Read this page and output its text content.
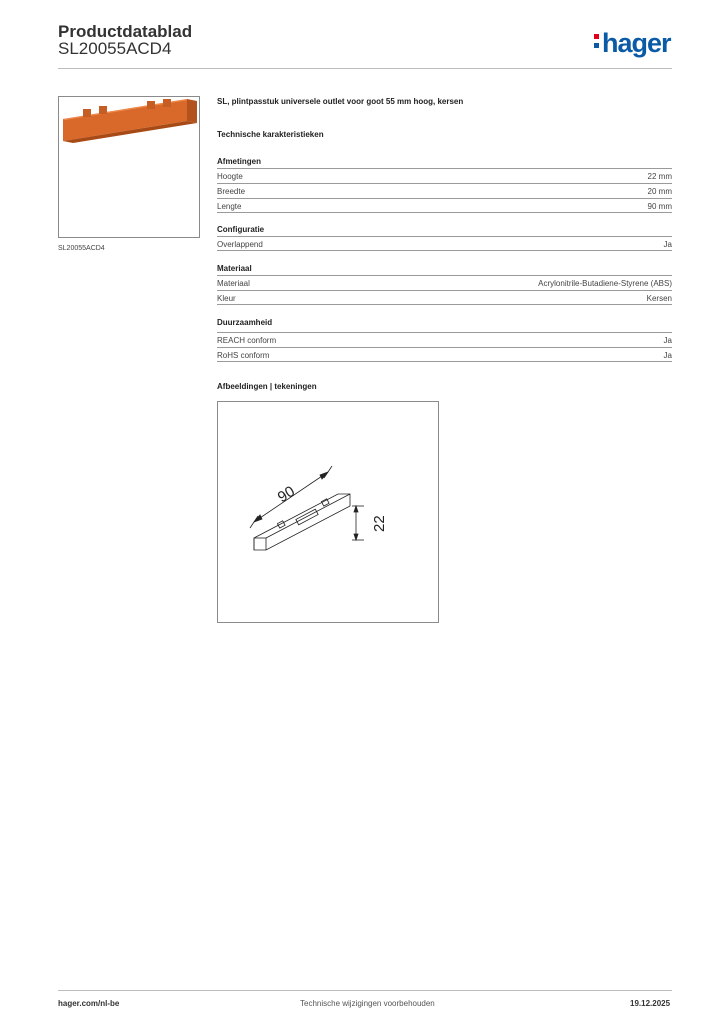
Productdatablad
SL20055ACD4	hager
SL20055ACD4
SL, plintpasstuk universele outlet voor goot 55 mm hoog, kersen
Technische karakteristieken
Afmetingen
Hoogte	22 mm
Breedte	20 mm
Lengte	90 mm
Configuratie
Overlappend	Ja
Materiaal
Materiaal	Acrylonitrile-Butadiene-Styrene (ABS)
Kleur	Kersen
Duurzaamheid
REACH conform	Ja
RoHS conform	Ja
Afbeeldingen | tekeningen
90
22
hager.com/nl-be	Technische wijzigingen voorbehouden	19.12.2025
